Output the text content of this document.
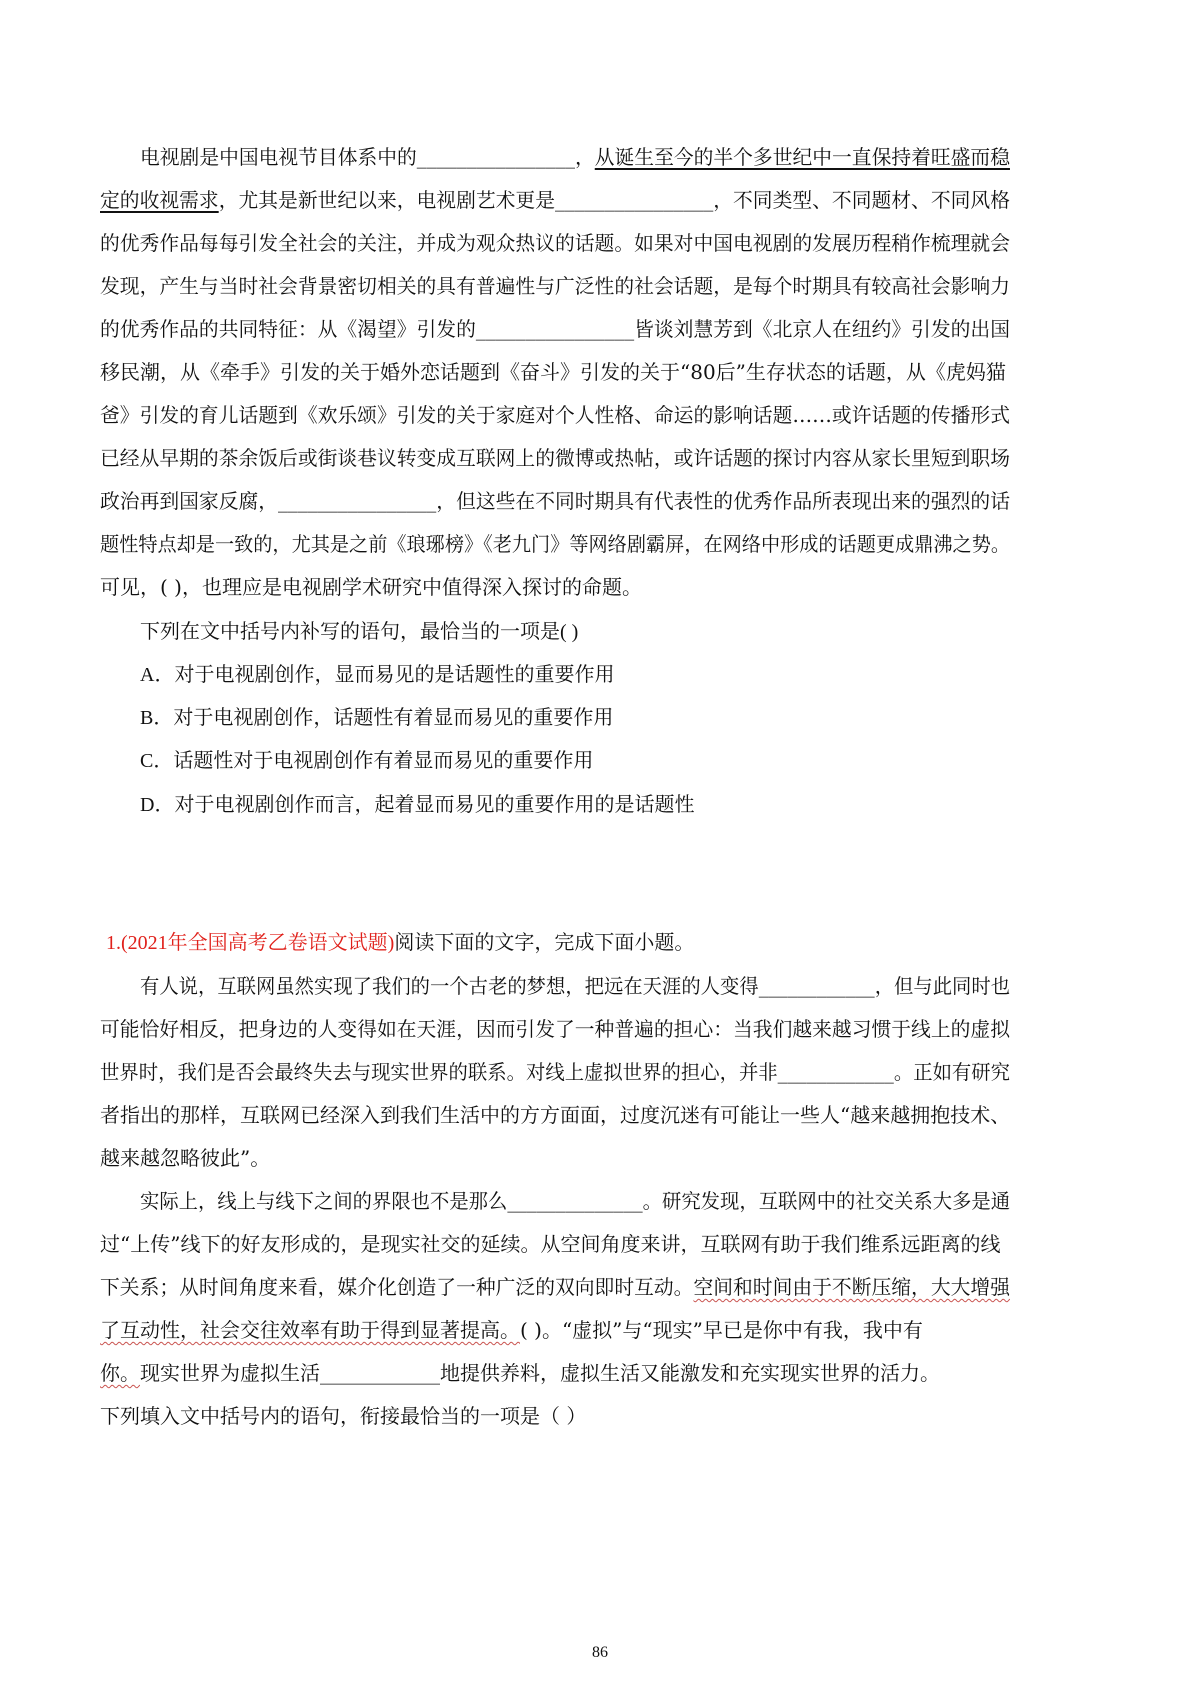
电视剧是中国电视节目体系中的________________，从诞生至今的半个多世纪中一直保持着旺盛而稳
定的收视需求，尤其是新世纪以来，电视剧艺术更是________________，不同类型、不同题材、不同风格
的优秀作品每每引发全社会的关注，并成为观众热议的话题。如果对中国电视剧的发展历程稍作梳理就会
发现，产生与当时社会背景密切相关的具有普遍性与广泛性的社会话题，是每个时期具有较高社会影响力
的优秀作品的共同特征：从《渴望》引发的________________皆谈刘慧芳到《北京人在纽约》引发的出国
移民潮，从《牵手》引发的关于婚外恋话题到《奋斗》引发的关于“80后”生存状态的话题，从《虎妈猫
爸》引发的育儿话题到《欢乐颂》引发的关于家庭对个人性格、命运的影响话题……或许话题的传播形式
已经从早期的茶余饭后或街谈巷议转变成互联网上的微博或热帖，或许话题的探讨内容从家长里短到职场
政治再到国家反腐，________________，但这些在不同时期具有代表性的优秀作品所表现出来的强烈的话
题性特点却是一致的，尤其是之前《琅琊榜》《老九门》等网络剧霸屏，在网络中形成的话题更成鼎沸之势。
可见，( )，也理应是电视剧学术研究中值得深入探讨的命题。
下列在文中括号内补写的语句，最恰当的一项是( )
A．对于电视剧创作，显而易见的是话题性的重要作用
B．对于电视剧创作，话题性有着显而易见的重要作用
C．话题性对于电视剧创作有着显而易见的重要作用
D．对于电视剧创作而言，起着显而易见的重要作用的是话题性
1.(2021年全国高考乙卷语文试题)阅读下面的文字，完成下面小题。
有人说，互联网虽然实现了我们的一个古老的梦想，把远在天涯的人变得____________，但与此同时也
可能恰好相反，把身边的人变得如在天涯，因而引发了一种普遍的担心：当我们越来越习惯于线上的虚拟
世界时，我们是否会最终失去与现实世界的联系。对线上虚拟世界的担心，并非____________。正如有研究
者指出的那样，互联网已经深入到我们生活中的方方面面，过度沉迷有可能让一些人“越来越拥抱技术、
越来越忽略彼此”。
实际上，线上与线下之间的界限也不是那么______________。研究发现，互联网中的社交关系大多是通
过“上传”线下的好友形成的，是现实社交的延续。从空间角度来讲，互联网有助于我们维系远距离的线
下关系；从时间角度来看，媒介化创造了一种广泛的双向即时互动。空间和时间由于不断压缩，大大增强
了互动性，社会交往效率有助于得到显著提高。( )。“虚拟”与“现实”早已是你中有我，我中有
你。现实世界为虚拟生活____________地提供养料，虚拟生活又能激发和充实现实世界的活力。
下列填入文中括号内的语句，衔接最恰当的一项是（ ）
86
